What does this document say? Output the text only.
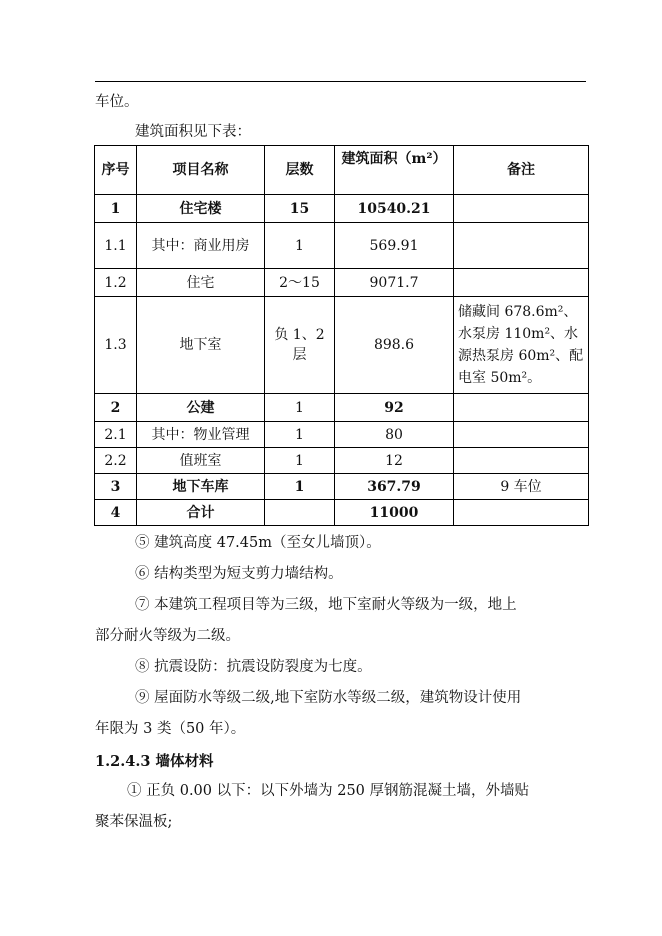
车位。
建筑面积见下表：
序号	项目名称	层数	建筑面积（m²）	备注
1	住宅楼	15	10540.21	
1.1	其中：商业用房	1	569.91	
1.2	住宅	2～15	9071.7	
1.3	地下室	负 1、2 层	898.6	储藏间 678.6m²、水泵房 110m²、水源热泵房 60m²、配电室 50m²。
2	公建	1	92	
2.1	其中：物业管理	1	80	
2.2	值班室	1	12	
3	地下车库	1	367.79	9 车位
4	合计		11000	
⑤ 建筑高度 47.45m（至女儿墙顶）。
⑥ 结构类型为短支剪力墙结构。
⑦ 本建筑工程项目等为三级，地下室耐火等级为一级，地上
部分耐火等级为二级。
⑧ 抗震设防：抗震设防裂度为七度。
⑨ 屋面防水等级二级,地下室防水等级二级，建筑物设计使用
年限为 3 类（50 年）。
1.2.4.3 墙体材料
① 正负 0.00 以下：以下外墙为 250 厚钢筋混凝土墙，外墙贴
聚苯保温板;
